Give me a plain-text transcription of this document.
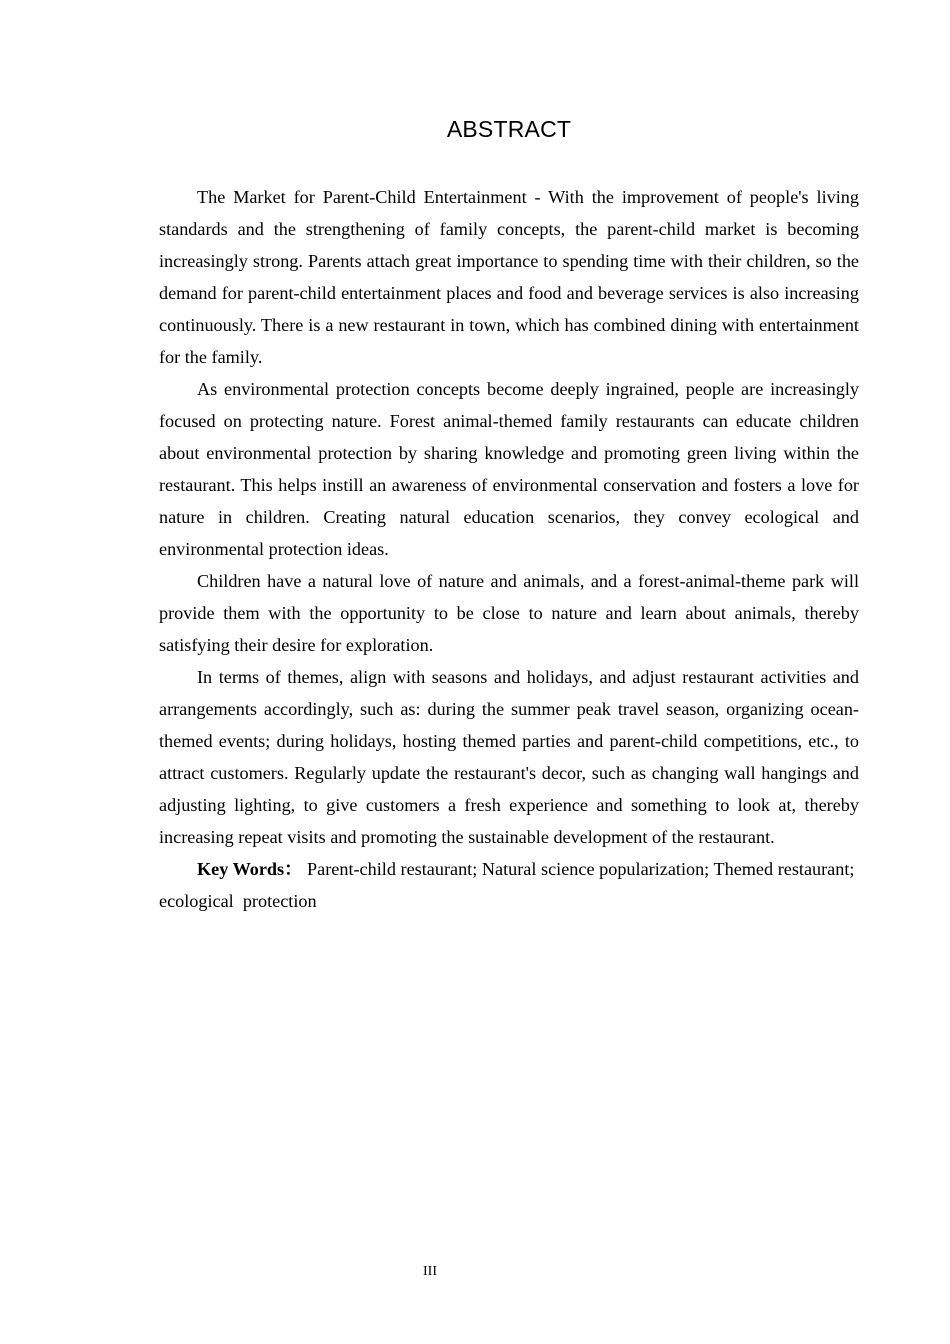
ABSTRACT

The Market for Parent-Child Entertainment - With the improvement of people's living standards and the strengthening of family concepts, the parent-child market is becoming increasingly strong. Parents attach great importance to spending time with their children, so the demand for parent-child entertainment places and food and beverage services is also increasing continuously. There is a new restaurant in town, which has combined dining with entertainment for the family.

As environmental protection concepts become deeply ingrained, people are increasingly focused on protecting nature. Forest animal-themed family restaurants can educate children about environmental protection by sharing knowledge and promoting green living within the restaurant. This helps instill an awareness of environmental conservation and fosters a love for nature in children. Creating natural education scenarios, they convey ecological and environmental protection ideas.

Children have a natural love of nature and animals, and a forest-animal-theme park will provide them with the opportunity to be close to nature and learn about animals, thereby satisfying their desire for exploration.

In terms of themes, align with seasons and holidays, and adjust restaurant activities and arrangements accordingly, such as: during the summer peak travel season, organizing ocean-themed events; during holidays, hosting themed parties and parent-child competitions, etc., to attract customers. Regularly update the restaurant's decor, such as changing wall hangings and adjusting lighting, to give customers a fresh experience and something to look at, thereby increasing repeat visits and promoting the sustainable development of the restaurant.

Key Words： Parent-child restaurant; Natural science popularization; Themed restaurant;  ecological  protection

III
